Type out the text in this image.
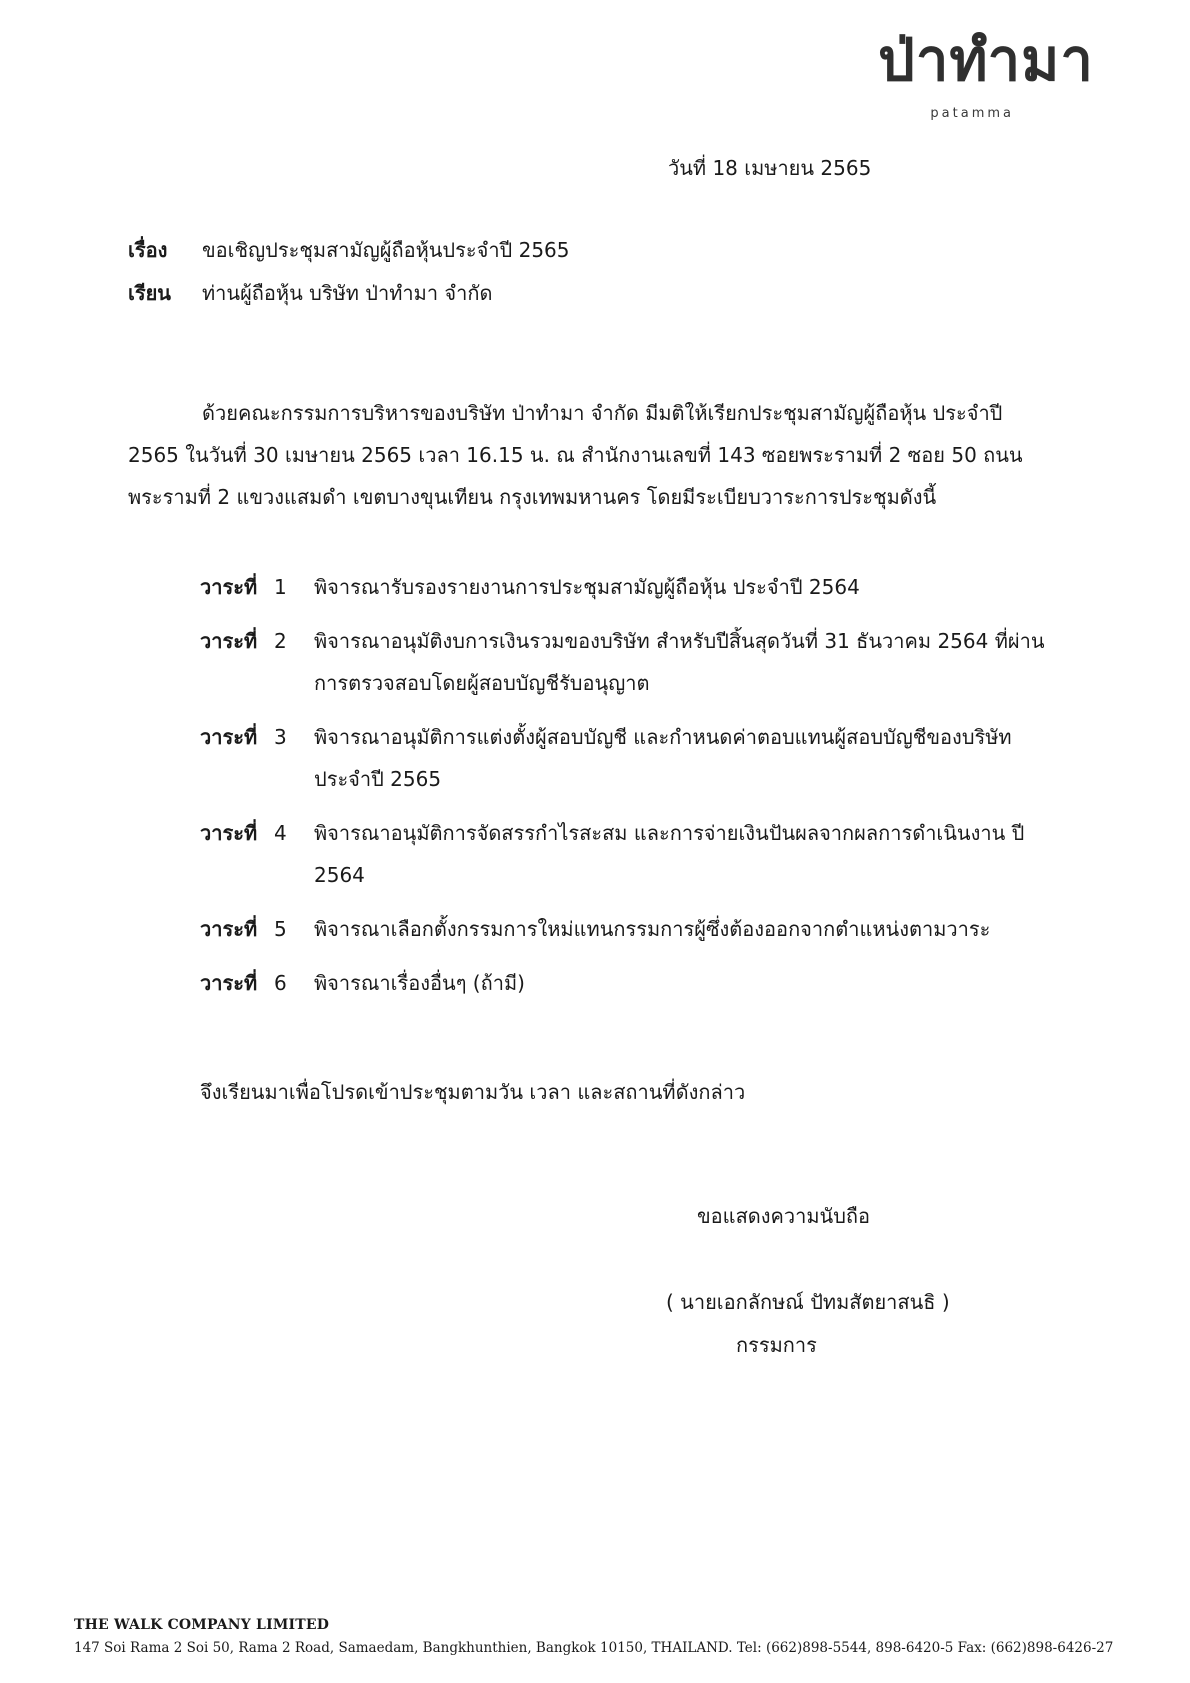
ป่าทำมา
patamma
วันที่ 18 เมษายน 2565
เรื่อง ขอเชิญประชุมสามัญผู้ถือหุ้นประจำปี 2565
เรียน ท่านผู้ถือหุ้น บริษัท ป่าทำมา จำกัด
ด้วยคณะกรรมการบริหารของบริษัท ป่าทำมา จำกัด มีมติให้เรียกประชุมสามัญผู้ถือหุ้น ประจำปี 2565 ในวันที่ 30 เมษายน 2565 เวลา 16.15 น. ณ สำนักงานเลขที่ 143 ซอยพระรามที่ 2 ซอย 50 ถนนพระรามที่ 2 แขวงแสมดำ เขตบางขุนเทียน กรุงเทพมหานคร โดยมีระเบียบวาระการประชุมดังนี้
วาระที่ 1 พิจารณารับรองรายงานการประชุมสามัญผู้ถือหุ้น ประจำปี 2564
วาระที่ 2 พิจารณาอนุมัติงบการเงินรวมของบริษัท สำหรับปีสิ้นสุดวันที่ 31 ธันวาคม 2564 ที่ผ่านการตรวจสอบโดยผู้สอบบัญชีรับอนุญาต
วาระที่ 3 พิจารณาอนุมัติการแต่งตั้งผู้สอบบัญชี และกำหนดค่าตอบแทนผู้สอบบัญชีของบริษัท ประจำปี 2565
วาระที่ 4 พิจารณาอนุมัติการจัดสรรกำไรสะสม และการจ่ายเงินปันผลจากผลการดำเนินงาน ปี 2564
วาระที่ 5 พิจารณาเลือกตั้งกรรมการใหม่แทนกรรมการผู้ซึ่งต้องออกจากตำแหน่งตามวาระ
วาระที่ 6 พิจารณาเรื่องอื่นๆ (ถ้ามี)
จึงเรียนมาเพื่อโปรดเข้าประชุมตามวัน เวลา และสถานที่ดังกล่าว
ขอแสดงความนับถือ
( นายเอกลักษณ์ ปัทมสัตยาสนธิ )
กรรมการ
THE WALK COMPANY LIMITED
147 Soi Rama 2 Soi 50, Rama 2 Road, Samaedam, Bangkhunthien, Bangkok 10150, THAILAND. Tel: (662)898-5544, 898-6420-5 Fax: (662)898-6426-27
